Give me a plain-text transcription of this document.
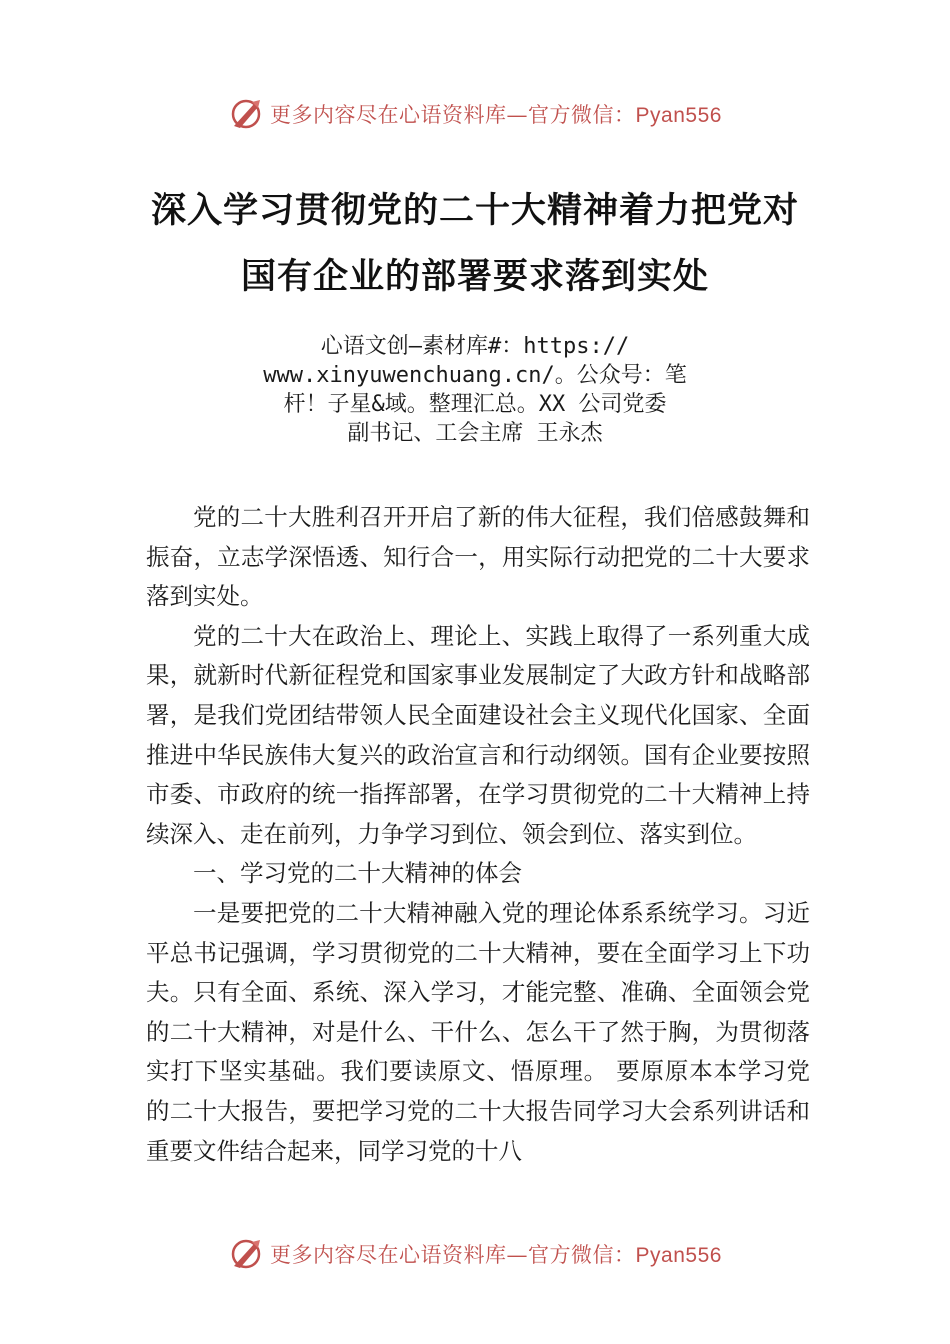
更多内容尽在心语资料库—官方微信：Pyan556
深入学习贯彻党的二十大精神着力把党对
国有企业的部署要求落到实处
心语文创—素材库#：https://
www.xinyuwenchuang.cn/。公众号：笔
杆！子星&域。整理汇总。XX 公司党委
副书记、工会主席 王永杰

党的二十大胜利召开开启了新的伟大征程，我们倍感鼓舞和振奋，立志学深悟透、知行合一，用实际行动把党的二十大要求落到实处。

党的二十大在政治上、理论上、实践上取得了一系列重大成果，就新时代新征程党和国家事业发展制定了大政方针和战略部署，是我们党团结带领人民全面建设社会主义现代化国家、全面推进中华民族伟大复兴的政治宣言和行动纲领。国有企业要按照市委、市政府的统一指挥部署，在学习贯彻党的二十大精神上持续深入、走在前列，力争学习到位、领会到位、落实到位。

一、学习党的二十大精神的体会

一是要把党的二十大精神融入党的理论体系系统学习。习近平总书记强调，学习贯彻党的二十大精神，要在全面学习上下功夫。只有全面、系统、深入学习，才能完整、准确、全面领会党的二十大精神，对是什么、干什么、怎么干了然于胸，为贯彻落实打下坚实基础。我们要读原文、悟原理。 要原原本本学习党的二十大报告，要把学习党的二十大报告同学习大会系列讲话和重要文件结合起来，同学习党的十八

更多内容尽在心语资料库—官方微信：Pyan556
